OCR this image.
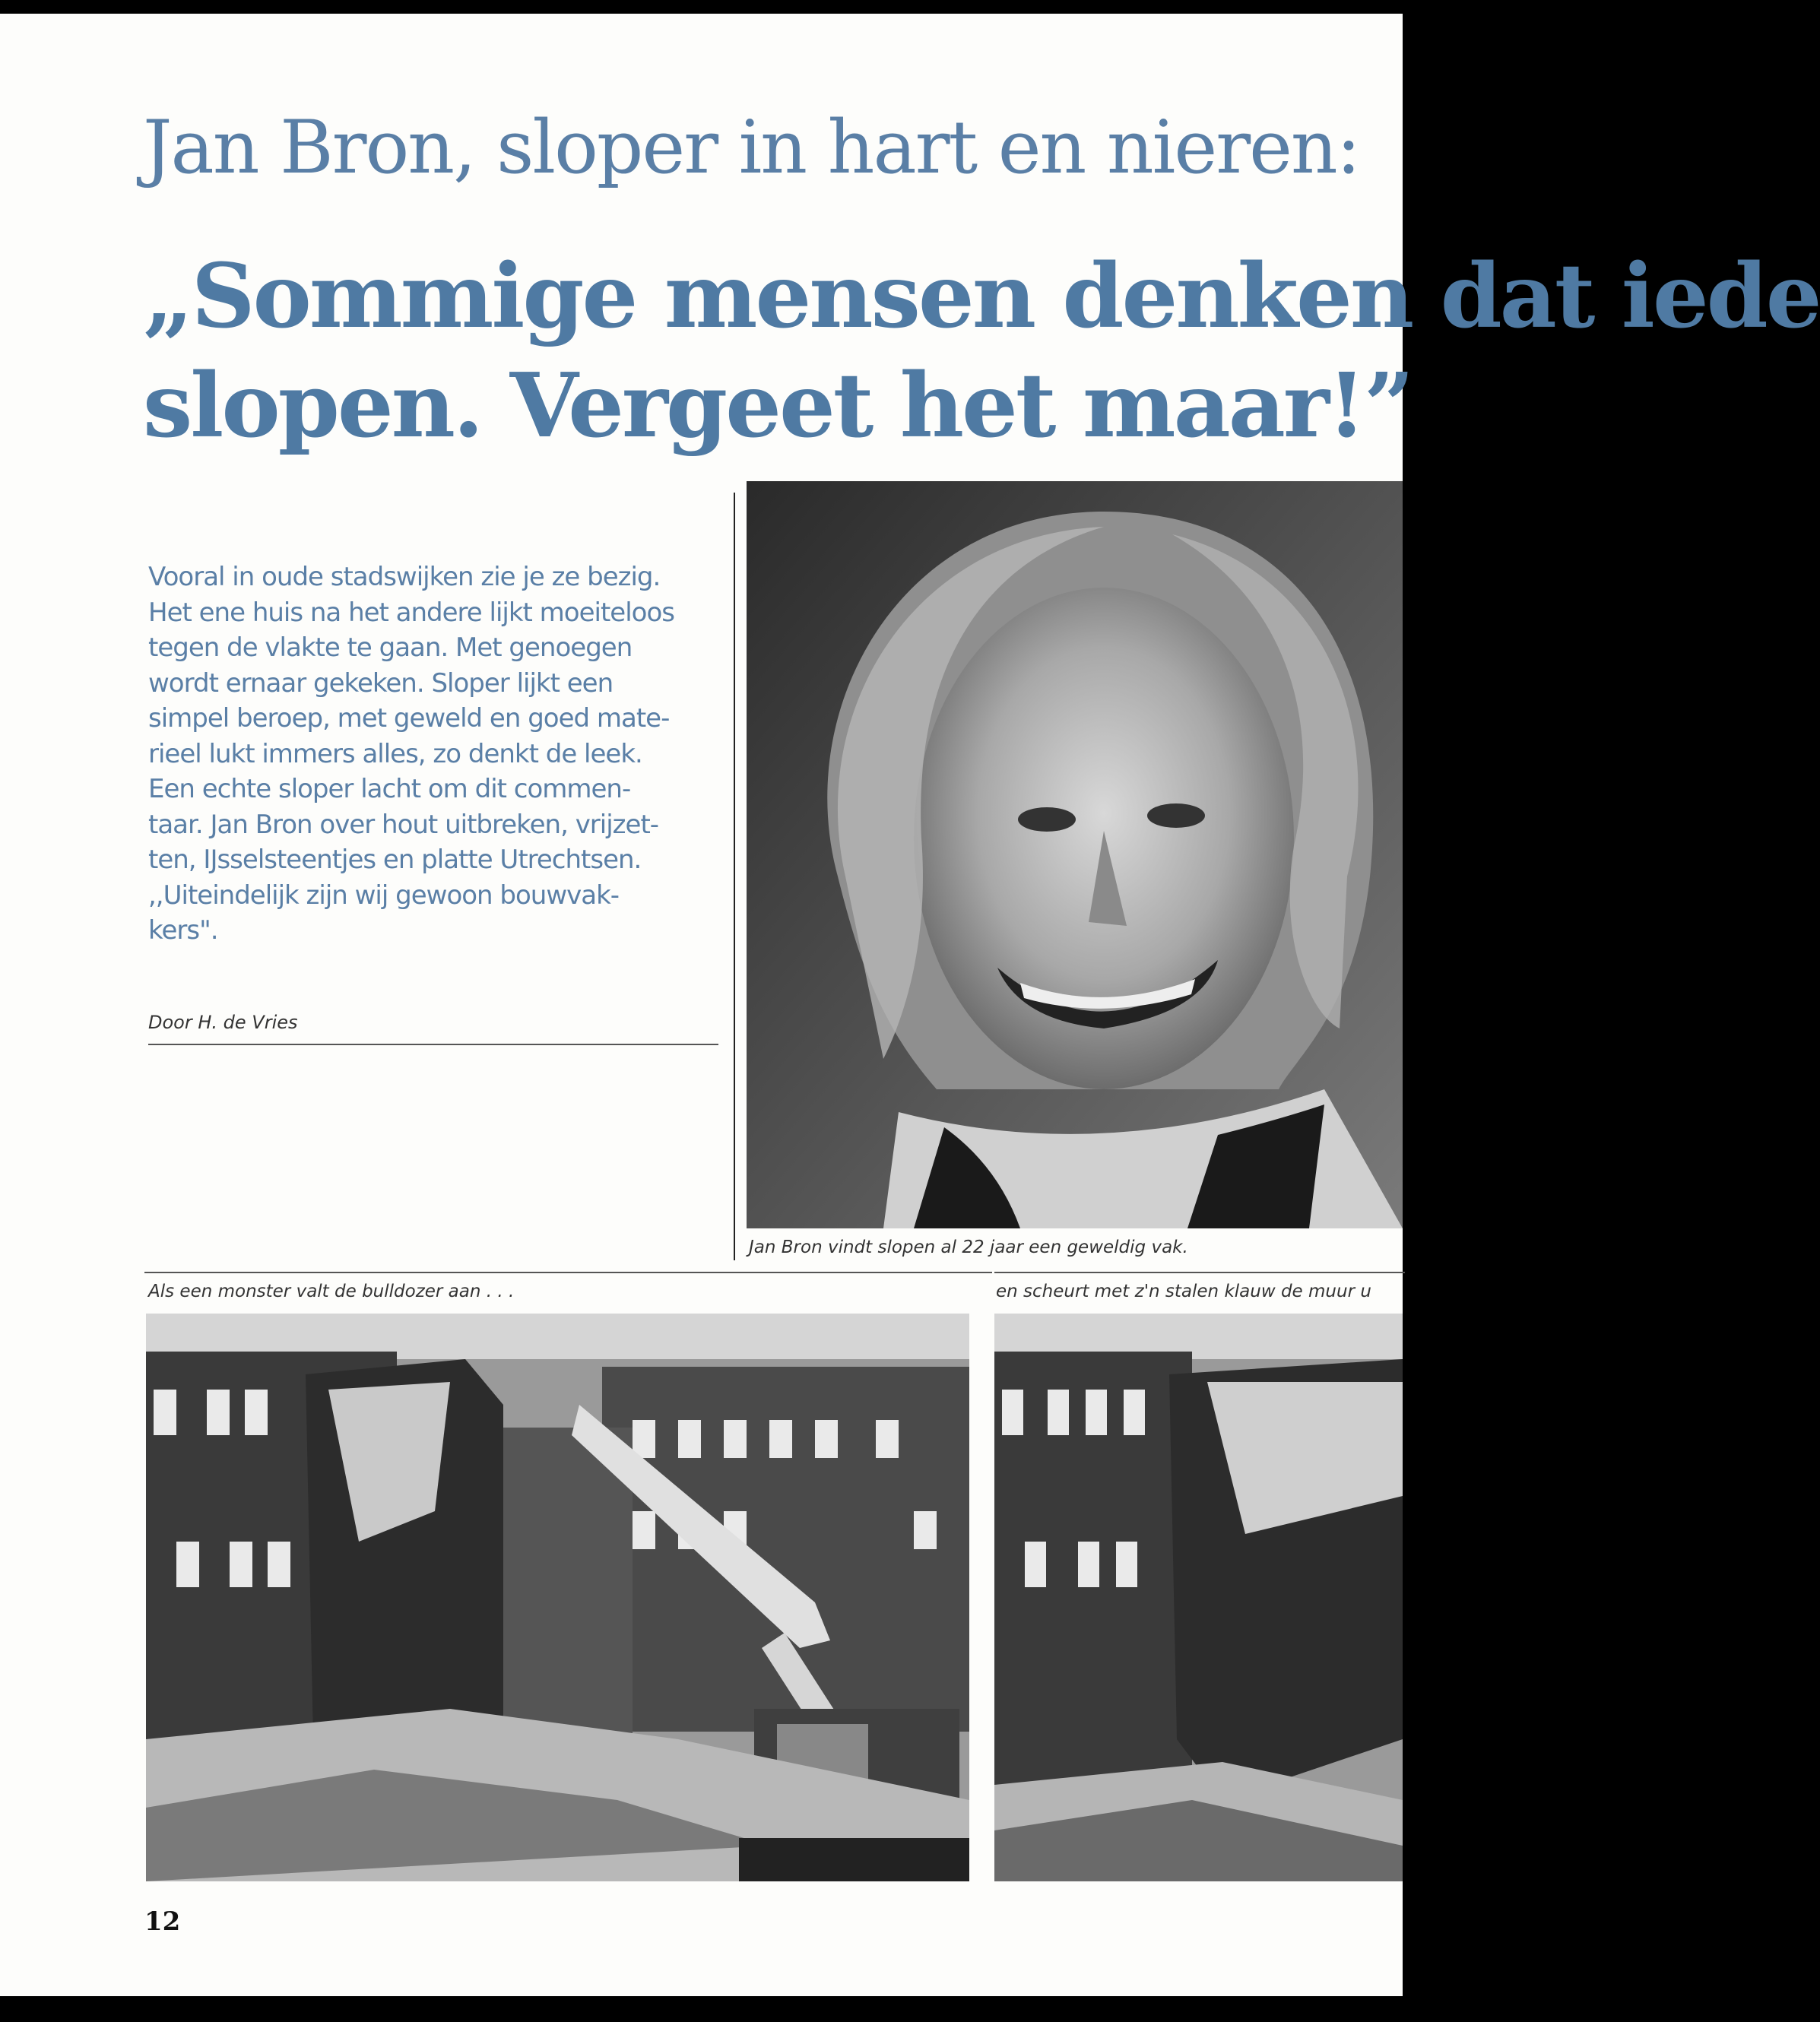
Jan Bron, sloper in hart en nieren:
„Sommige mensen denken dat iede
slopen. Vergeet het maar!”
Vooral in oude stadswijken zie je ze bezig.
Het ene huis na het andere lijkt moeiteloos
tegen de vlakte te gaan. Met genoegen
wordt ernaar gekeken. Sloper lijkt een
simpel beroep, met geweld en goed mate-
rieel lukt immers alles, zo denkt de leek.
Een echte sloper lacht om dit commen-
taar. Jan Bron over hout uitbreken, vrijzet-
ten, IJsselsteentjes en platte Utrechtsen.
,,Uiteindelijk zijn wij gewoon bouwvak-
kers".
Door H. de Vries
Jan Bron vindt slopen al 22 jaar een geweldig vak.
Als een monster valt de bulldozer aan . . .	en scheurt met z'n stalen klauw de muur u
12
